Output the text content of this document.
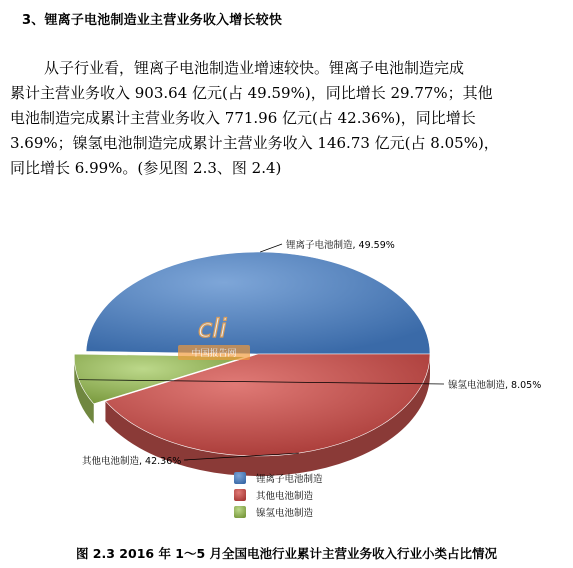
3、锂离子电池制造业主营业务收入增长较快

从子行业看，锂离子电池制造业增速较快。锂离子电池制造完成

累计主营业务收入 903.64 亿元(占 49.59%)，同比增长 29.77%；其他

电池制造完成累计主营业务收入 771.96 亿元(占 42.36%)，同比增长

3.69%；镍氢电池制造完成累计主营业务收入 146.73 亿元(占 8.05%)，

同比增长 6.99%。(参见图 2.3、图 2.4)

锂离子电池制造, 49.59%
其他电池制造, 42.36%
镍氢电池制造, 8.05%
cli
中国报告网
锂离子电池制造
其他电池制造
镍氢电池制造
图 2.3 2016 年 1～5 月全国电池行业累计主营业务收入行业小类占比情况
